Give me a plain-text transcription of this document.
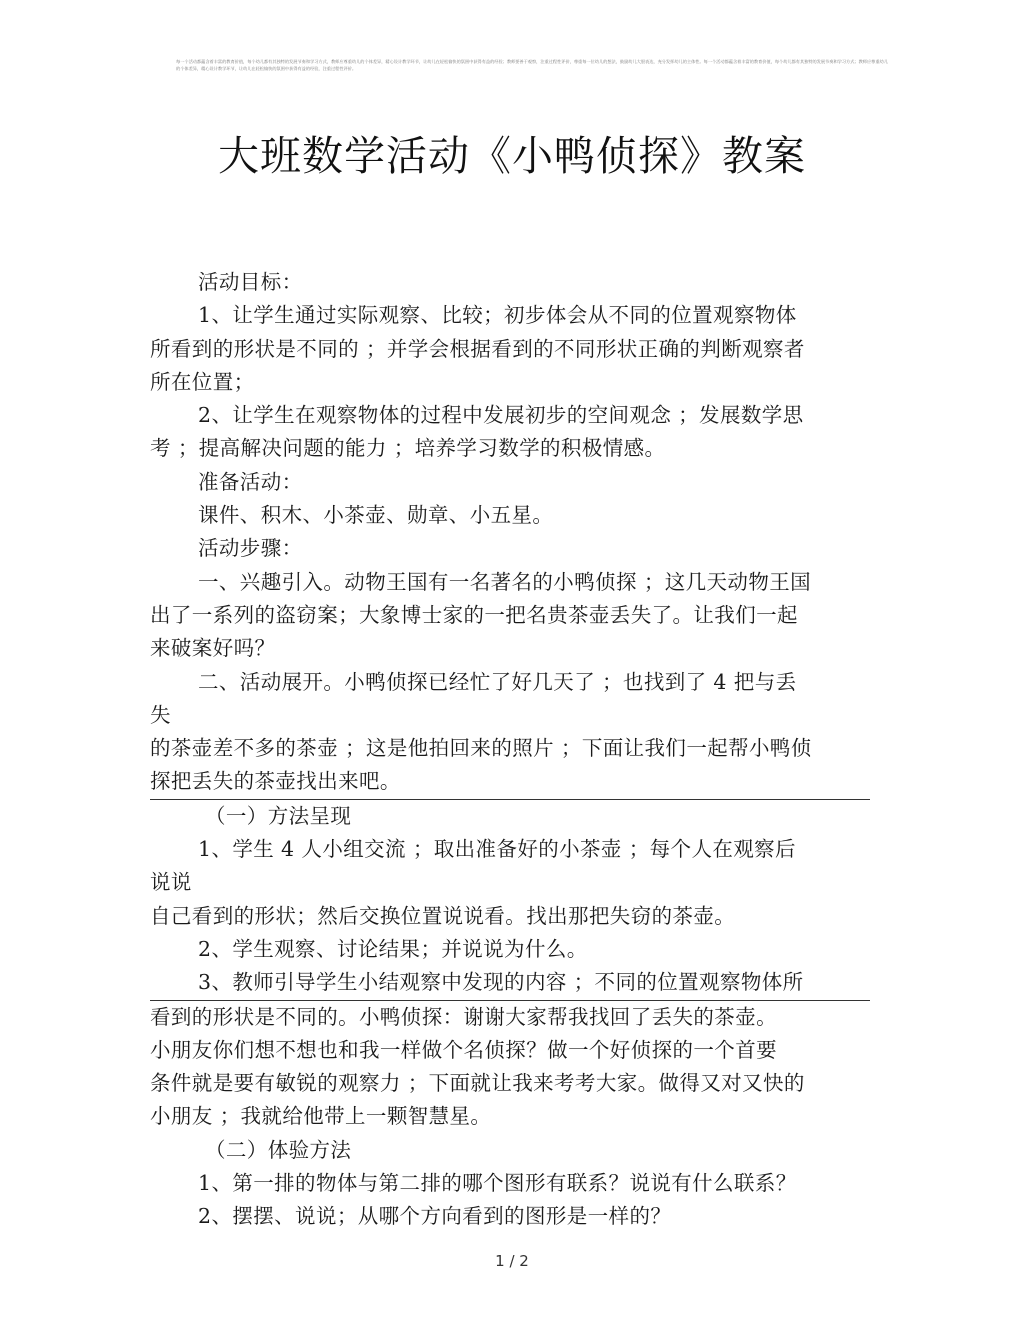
每一个活动都蕴含着丰富的教育价值，每个幼儿都有其独特的发展节奏和学习方式，教师应尊重幼儿的个体差异，精心设计教学环节，让幼儿在轻松愉快的氛围中获得有益的经验；教师要善于观察，注重过程性评价，尊重每一位幼儿的想法，鼓励幼儿大胆表达，充分发挥幼儿的主体性。每一个活动都蕴含着丰富的教育价值，每个幼儿都有其独特的发展节奏和学习方式；教师应尊重幼儿的个体差异，精心设计教学环节，让幼儿在轻松愉快的氛围中获得有益的经验，注重过程性评价。
大班数学活动《小鸭侦探》教案
活动目标：
1、让学生通过实际观察、比较；初步体会从不同的位置观察物体
所看到的形状是不同的 ；并学会根据看到的不同形状正确的判断观察者
所在位置；
2、让学生在观察物体的过程中发展初步的空间观念 ；发展数学思
考 ；提高解决问题的能力 ；培养学习数学的积极情感。
准备活动：
课件、积木、小茶壶、勋章、小五星。
活动步骤：
一、兴趣引入。动物王国有一名著名的小鸭侦探 ；这几天动物王国
出了一系列的盗窃案；大象博士家的一把名贵茶壶丢失了。让我们一起
来破案好吗？
二、活动展开。小鸭侦探已经忙了好几天了 ；也找到了 4 把与丢
失
的茶壶差不多的茶壶 ；这是他拍回来的照片 ；下面让我们一起帮小鸭侦
探把丢失的茶壶找出来吧。
（一）方法呈现
1、学生 4 人小组交流 ；取出准备好的小茶壶 ；每个人在观察后
说说
自己看到的形状；然后交换位置说说看。找出那把失窃的茶壶。
2、学生观察、讨论结果；并说说为什么。
3、教师引导学生小结观察中发现的内容 ；不同的位置观察物体所
看到的形状是不同的。小鸭侦探：谢谢大家帮我找回了丢失的茶壶。
小朋友你们想不想也和我一样做个名侦探？做一个好侦探的一个首要
条件就是要有敏锐的观察力 ；下面就让我来考考大家。做得又对又快的
小朋友 ；我就给他带上一颗智慧星。
（二）体验方法
1、第一排的物体与第二排的哪个图形有联系？说说有什么联系？
2、摆摆、说说；从哪个方向看到的图形是一样的？
1 / 2
